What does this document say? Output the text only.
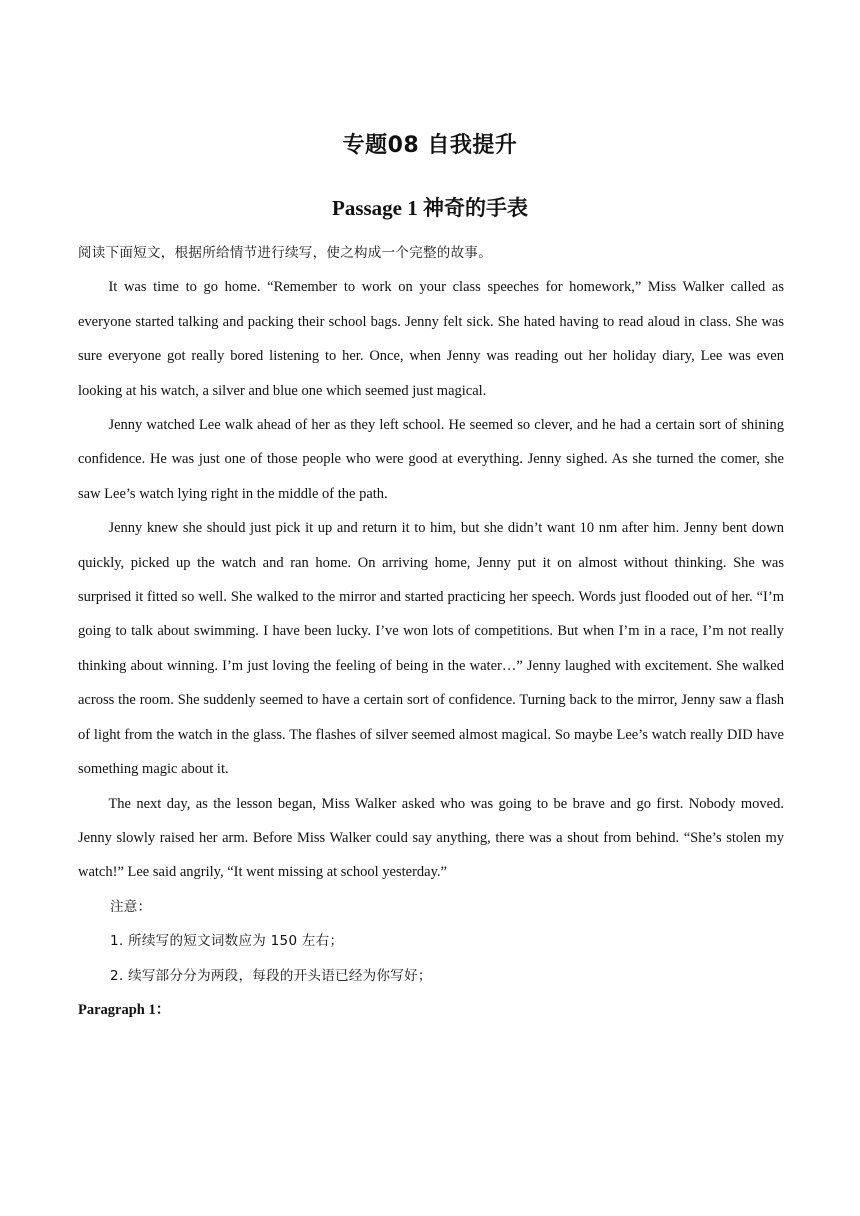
专题08 自我提升
Passage 1 神奇的手表

阅读下面短文，根据所给情节进行续写，使之构成一个完整的故事。

It was time to go home. “Remember to work on your class speeches for homework,” Miss Walker called as everyone started talking and packing their school bags. Jenny felt sick. She hated having to read aloud in class. She was sure everyone got really bored listening to her. Once, when Jenny was reading out her holiday diary, Lee was even looking at his watch, a silver and blue one which seemed just magical.

Jenny watched Lee walk ahead of her as they left school. He seemed so clever, and he had a certain sort of shining confidence. He was just one of those people who were good at everything. Jenny sighed. As she turned the comer, she saw Lee’s watch lying right in the middle of the path.

Jenny knew she should just pick it up and return it to him, but she didn’t want 10 nm after him. Jenny bent down quickly, picked up the watch and ran home. On arriving home, Jenny put it on almost without thinking. She was surprised it fitted so well. She walked to the mirror and started practicing her speech. Words just flooded out of her. “I’m going to talk about swimming. I have been lucky. I’ve won lots of competitions. But when I’m in a race, I’m not really thinking about winning. I’m just loving the feeling of being in the water…” Jenny laughed with excitement. She walked across the room. She suddenly seemed to have a certain sort of confidence. Turning back to the mirror, Jenny saw a flash of light from the watch in the glass. The flashes of silver seemed almost magical. So maybe Lee’s watch really DID have something magic about it.

The next day, as the lesson began, Miss Walker asked who was going to be brave and go first. Nobody moved. Jenny slowly raised her arm. Before Miss Walker could say anything, there was a shout from behind. “She’s stolen my watch!” Lee said angrily, “It went missing at school yesterday.”

注意：
1. 所续写的短文词数应为 150 左右；
2. 续写部分分为两段，每段的开头语已经为你写好；
Paragraph 1：
